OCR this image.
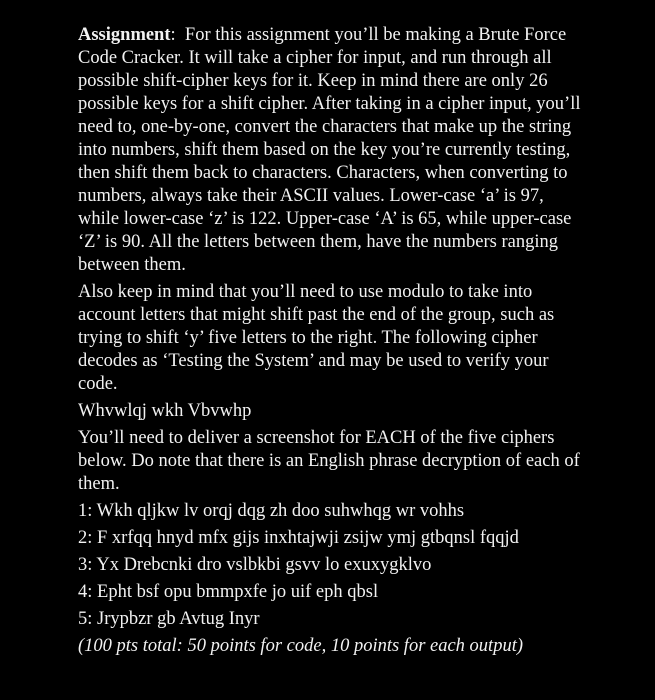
Assignment: For this assignment you’ll be making a Brute Force Code Cracker. It will take a cipher for input, and run through all possible shift-cipher keys for it. Keep in mind there are only 26 possible keys for a shift cipher. After taking in a cipher input, you’ll need to, one-by-one, convert the characters that make up the string into numbers, shift them based on the key you’re currently testing, then shift them back to characters. Characters, when converting to numbers, always take their ASCII values. Lower-case ‘a’ is 97, while lower-case ‘z’ is 122. Upper-case ‘A’ is 65, while upper-case ‘Z’ is 90. All the letters between them, have the numbers ranging between them.

Also keep in mind that you’ll need to use modulo to take into account letters that might shift past the end of the group, such as trying to shift ‘y’ five letters to the right. The following cipher decodes as ‘Testing the System’ and may be used to verify your code.

Whvwlqj wkh Vbvwhp

You’ll need to deliver a screenshot for EACH of the five ciphers below. Do note that there is an English phrase decryption of each of them.

1: Wkh qljkw lv orqj dqg zh doo suhwhqg wr vohhs

2: F xrfqq hnyd mfx gijs inxhtajwji zsijw ymj gtbqnsl fqqjd

3: Yx Drebcnki dro vslbkbi gsvv lo exuxygklvo

4: Epht bsf opu bmmpxfe jo uif eph qbsl

5: Jrypbzr gb Avtug Inyr

(100 pts total: 50 points for code, 10 points for each output)
